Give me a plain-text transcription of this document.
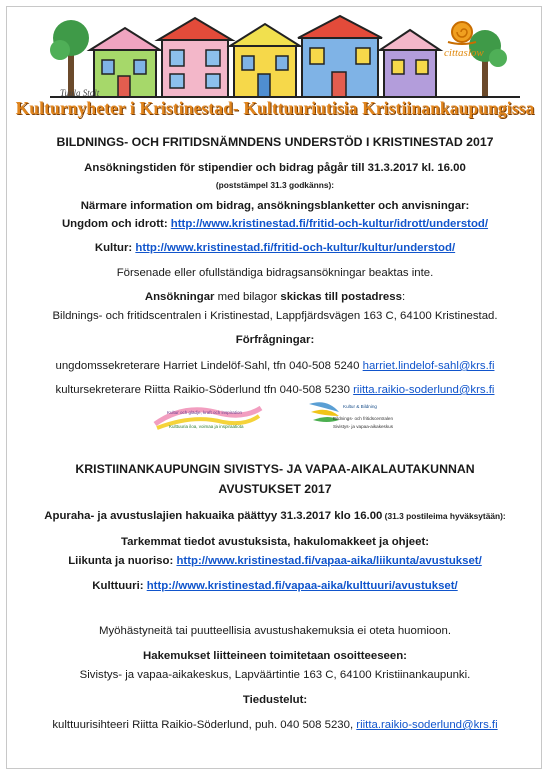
cittaslow
Tuula Stolt
Kulturnyheter i Kristinestad- Kulttuuriutisia Kristiinankaupungissa
BILDNINGS- OCH FRITIDSNÄMNDENS UNDERSTÖD I KRISTINESTAD 2017
Ansökningstiden för stipendier och bidrag pågår till 31.3.2017 kl. 16.00
(poststämpel 31.3 godkänns):
Närmare information om bidrag, ansökningsblanketter och anvisningar:
Ungdom och idrott: http://www.kristinestad.fi/fritid-och-kultur/idrott/understod/
Kultur: http://www.kristinestad.fi/fritid-och-kultur/kultur/understod/
Försenade eller ofullständiga bidragsansökningar beaktas inte.
Ansökningar med bilagor skickas till postadress:
Bildnings- och fritidscentralen i Kristinestad, Lappfjärdsvägen 163 C, 64100 Kristinestad.
Förfrågningar:
ungdomssekreterare Harriet Lindelöf-Sahl, tfn 040-508 5240 harriet.lindelof-sahl@krs.fi
kultursekreterare Riitta Raikio-Söderlund tfn 040-508 5230 riitta.raikio-soderlund@krs.fi
Kultur och glädje, kraft och inspiration
Kulttuuria iloa, voimaa ja inspiraatiota
Kultur & Bildning
Bildnings- och fritidscentralen
Sivistys- ja vapaa-aikakeskus
KRISTIINANKAUPUNGIN SIVISTYS- JA VAPAA-AIKALAUTAKUNNAN
AVUSTUKSET 2017
Apuraha- ja avustuslajien hakuaika päättyy 31.3.2017 klo 16.00 (31.3 postileima hyväksytään):
Tarkemmat tiedot avustuksista, hakulomakkeet ja ohjeet:
Liikunta ja nuoriso: http://www.kristinestad.fi/vapaa-aika/liikunta/avustukset/
Kulttuuri: http://www.kristinestad.fi/vapaa-aika/kulttuuri/avustukset/
Myöhästyneitä tai puutteellisia avustushakemuksia ei oteta huomioon.
Hakemukset liitteineen toimitetaan osoitteeseen:
Sivistys- ja vapaa-aikakeskus, Lapväärtintie 163 C, 64100 Kristiinankaupunki.
Tiedustelut:
kulttuurisihteeri Riitta Raikio-Söderlund, puh. 040 508 5230, riitta.raikio-soderlund@krs.fi
